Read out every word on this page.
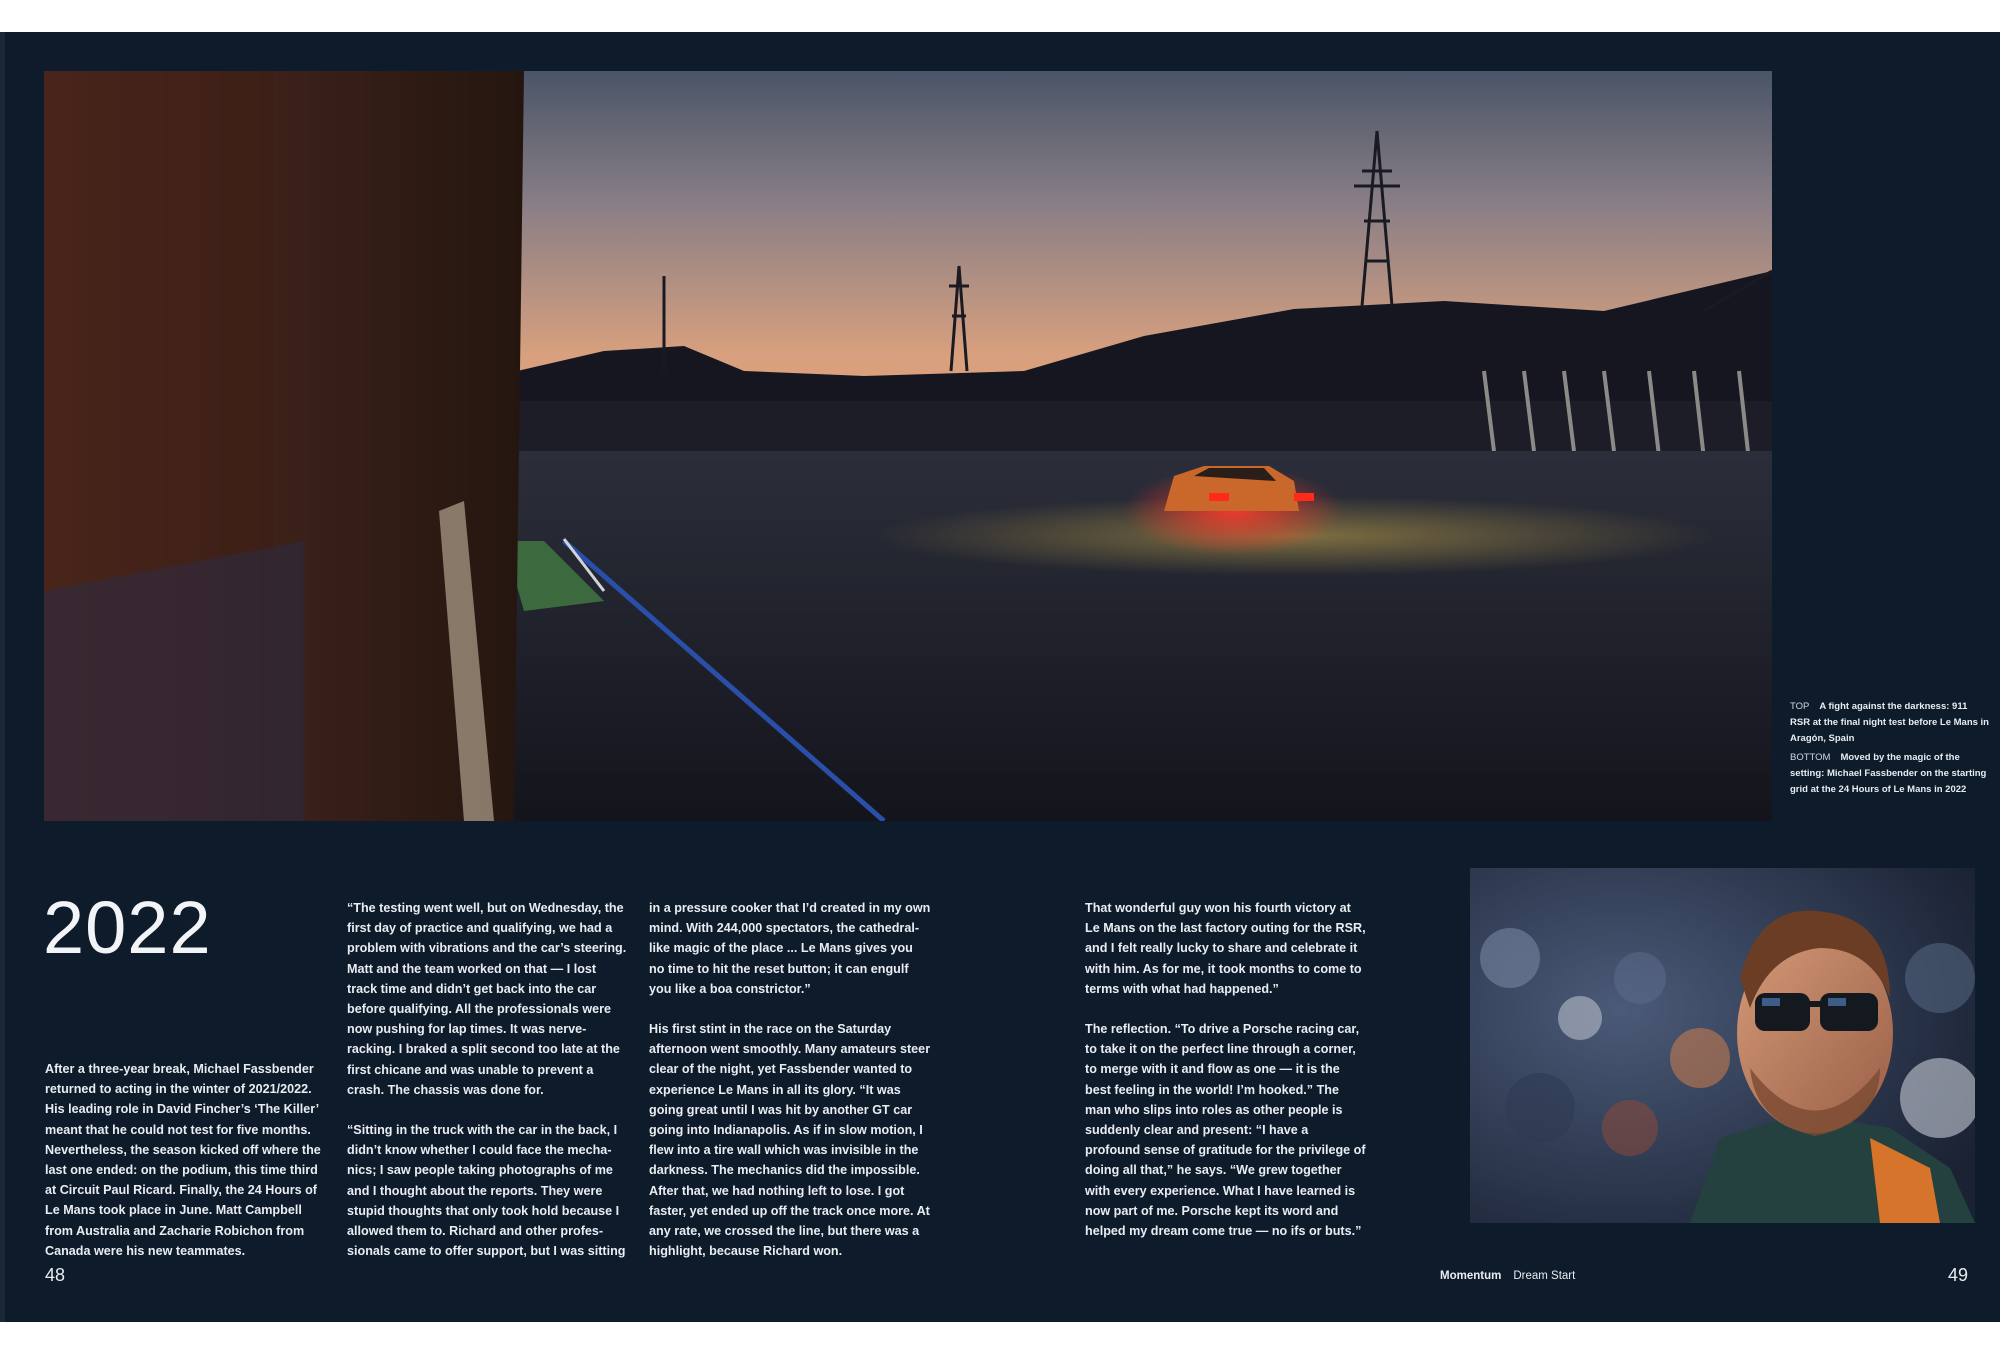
TOP A fight against the darkness: 911 RSR at the final night test before Le Mans in Aragón, Spain

BOTTOM Moved by the magic of the setting: Michael Fassbender on the starting grid at the 24 Hours of Le Mans in 2022

2022

After a three-year break, Michael Fassbender returned to acting in the winter of 2021/2022. His leading role in David Fincher’s ‘The Killer’ meant that he could not test for five months. Nevertheless, the season kicked off where the last one ended: on the podium, this time third at Circuit Paul Ricard. Finally, the 24 Hours of Le Mans took place in June. Matt Campbell from Australia and Zacharie Robichon from Canada were his new teammates.

“The testing went well, but on Wednesday, the first day of practice and qualifying, we had a problem with vibrations and the car’s steering. Matt and the team worked on that — I lost track time and didn’t get back into the car before qualifying. All the professionals were now pushing for lap times. It was nerve-racking. I braked a split second too late at the first chicane and was unable to prevent a crash. The chassis was done for.

“Sitting in the truck with the car in the back, I didn’t know whether I could face the mechanics; I saw people taking photographs of me and I thought about the reports. They were stupid thoughts that only took hold because I allowed them to. Richard and other professionals came to offer support, but I was sitting

in a pressure cooker that I’d created in my own mind. With 244,000 spectators, the cathedral-like magic of the place ... Le Mans gives you no time to hit the reset button; it can engulf you like a boa constrictor.”

His first stint in the race on the Saturday afternoon went smoothly. Many amateurs steer clear of the night, yet Fassbender wanted to experience Le Mans in all its glory. “It was going great until I was hit by another GT car going into Indianapolis. As if in slow motion, I flew into a tire wall which was invisible in the darkness. The mechanics did the impossible. After that, we had nothing left to lose. I got faster, yet ended up off the track once more. At any rate, we crossed the line, but there was a highlight, because Richard won.

That wonderful guy won his fourth victory at Le Mans on the last factory outing for the RSR, and I felt really lucky to share and celebrate it with him. As for me, it took months to come to terms with what had happened.”

The reflection. “To drive a Porsche racing car, to take it on the perfect line through a corner, to merge with it and flow as one — it is the best feeling in the world! I’m hooked.” The man who slips into roles as other people is suddenly clear and present: “I have a profound sense of gratitude for the privilege of doing all that,” he says. “We grew together with every experience. What I have learned is now part of me. Porsche kept its word and helped my dream come true — no ifs or buts.”

48	Momentum Dream Start	49
